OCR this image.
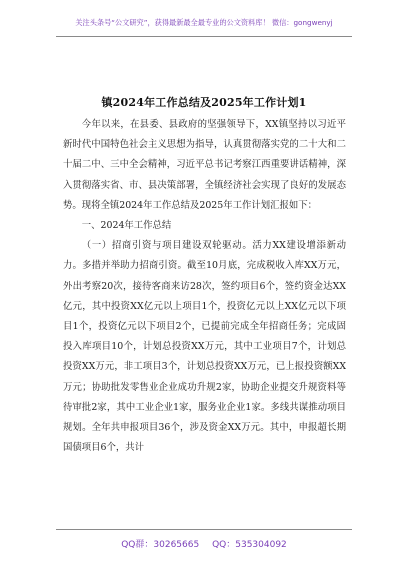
关注头条号“公文研究”，获得最新最全最专业的公文资料库！ 微信：gongwenyj
镇2024年工作总结及2025年工作计划1

今年以来，在县委、县政府的坚强领导下，XX镇坚持以习近平新时代中国特色社会主义思想为指导，认真贯彻落实党的二十大和二十届二中、三中全会精神，习近平总书记考察江西重要讲话精神，深入贯彻落实省、市、县决策部署，全镇经济社会实现了良好的发展态势。现将全镇2024年工作总结及2025年工作计划汇报如下：

一、2024年工作总结

（一）招商引资与项目建设双轮驱动。活力XX建设增添新动力。多措并举助力招商引资。截至10月底，完成税收入库XX万元，外出考察20次，接待客商来访28次，签约项目6个，签约资金达XX亿元，其中投资XX亿元以上项目1个，投资亿元以上XX亿元以下项目1个，投资亿元以下项目2个，已提前完成全年招商任务；完成固投入库项目10个，计划总投资XX万元，其中工业项目7个，计划总投资XX万元，非工项目3个，计划总投资XX万元，已上报投资额XX万元；协助批发零售业企业成功升规2家，协助企业提交升规资料等待审批2家，其中工业企业1家，服务业企业1家。多线共谋推动项目规划。全年共申报项目36个，涉及资金XX万元。其中，申报超长期国债项目6个，共计

QQ群：30265665 QQ：535304092
